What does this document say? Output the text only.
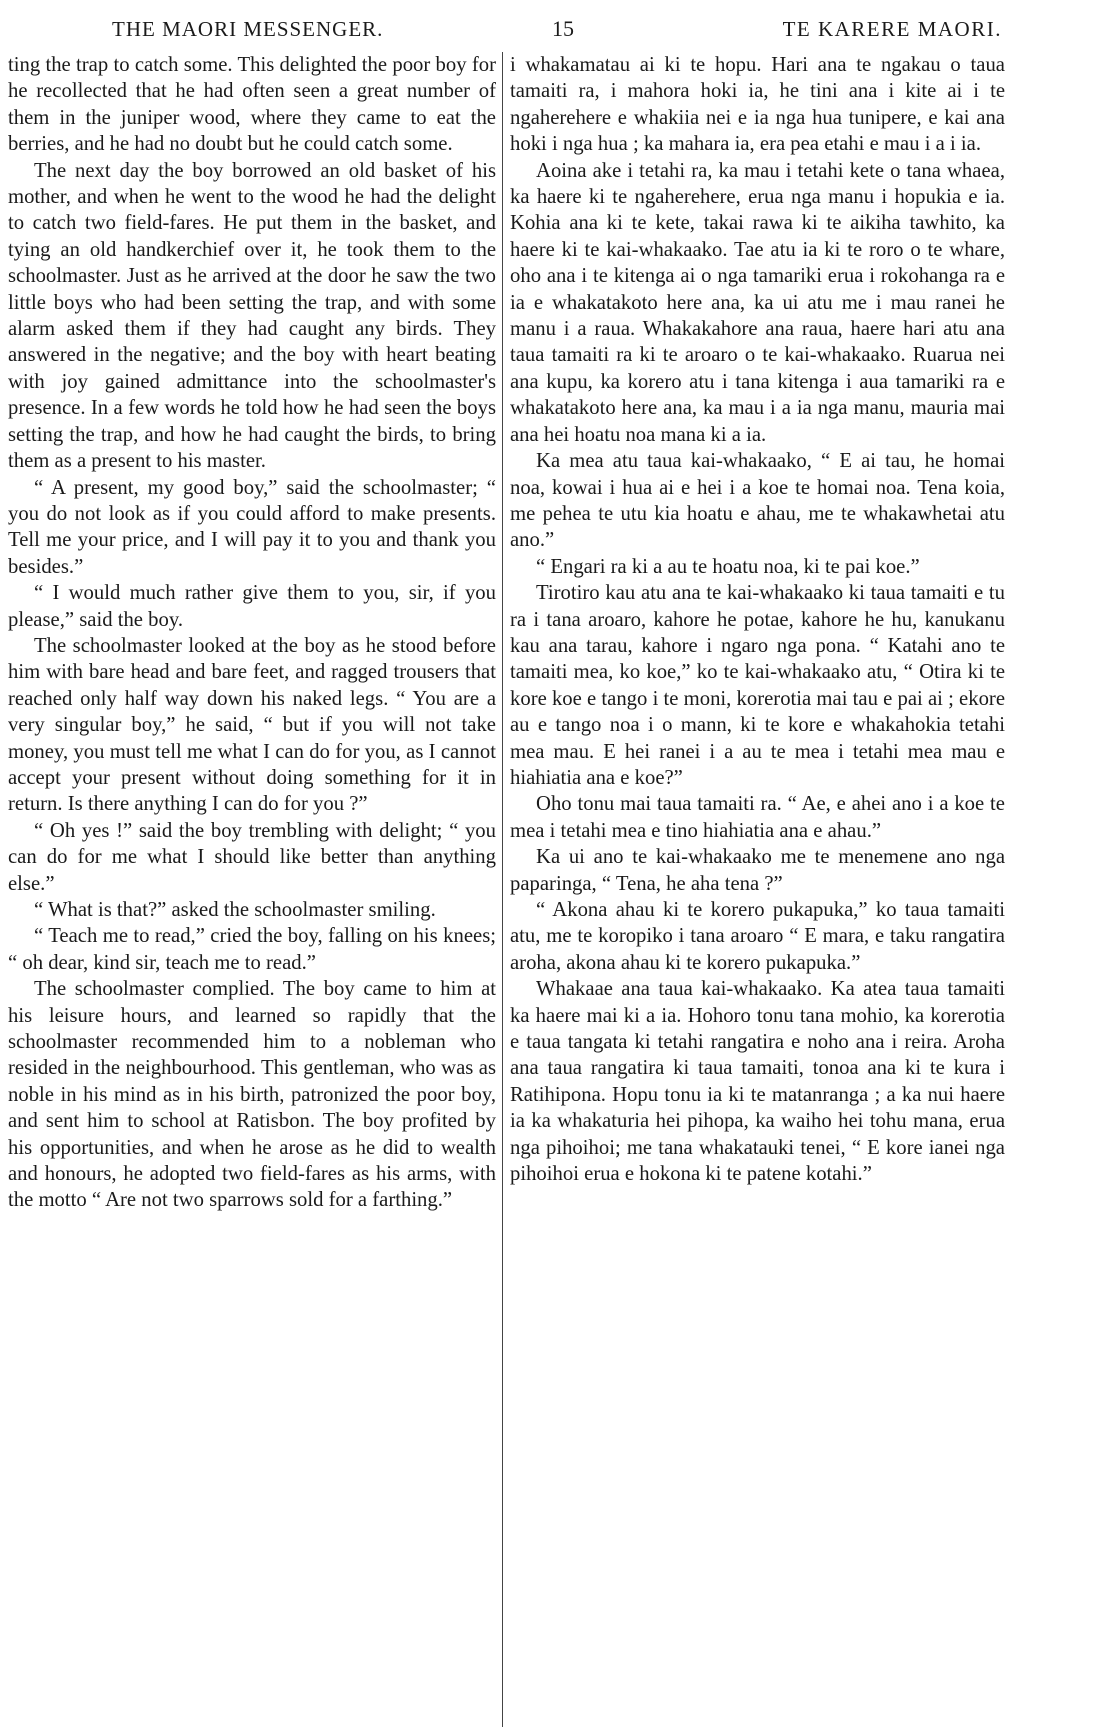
THE MAORI MESSENGER.	15	TE KARERE MAORI.

ting the trap to catch some. This delighted the poor boy for he recollected that he had often seen a great number of them in the juniper wood, where they came to eat the berries, and he had no doubt but he could catch some.

The next day the boy borrowed an old basket of his mother, and when he went to the wood he had the delight to catch two field-fares. He put them in the basket, and tying an old handkerchief over it, he took them to the schoolmaster. Just as he arrived at the door he saw the two little boys who had been setting the trap, and with some alarm asked them if they had caught any birds. They answered in the negative; and the boy with heart beating with joy gained admittance into the schoolmaster's presence. In a few words he told how he had seen the boys setting the trap, and how he had caught the birds, to bring them as a present to his master.

“ A present, my good boy,” said the schoolmaster; “ you do not look as if you could afford to make presents. Tell me your price, and I will pay it to you and thank you besides.”

“ I would much rather give them to you, sir, if you please,” said the boy.

The schoolmaster looked at the boy as he stood before him with bare head and bare feet, and ragged trousers that reached only half way down his naked legs. “ You are a very singular boy,” he said, “ but if you will not take money, you must tell me what I can do for you, as I cannot accept your present without doing something for it in return. Is there anything I can do for you ?”

“ Oh yes !” said the boy trembling with delight; “ you can do for me what I should like better than anything else.”

“ What is that?” asked the schoolmaster smiling.

“ Teach me to read,” cried the boy, falling on his knees; “ oh dear, kind sir, teach me to read.”

The schoolmaster complied. The boy came to him at his leisure hours, and learned so rapidly that the schoolmaster recommended him to a nobleman who resided in the neighbourhood. This gentleman, who was as noble in his mind as in his birth, patronized the poor boy, and sent him to school at Ratisbon. The boy profited by his opportunities, and when he arose as he did to wealth and honours, he adopted two field-fares as his arms, with the motto “ Are not two sparrows sold for a farthing.”

i whakamatau ai ki te hopu. Hari ana te ngakau o taua tamaiti ra, i mahora hoki ia, he tini ana i kite ai i te ngaherehere e whakiia nei e ia nga hua tunipere, e kai ana hoki i nga hua ; ka mahara ia, era pea etahi e mau i a i ia.

Aoina ake i tetahi ra, ka mau i tetahi kete o tana whaea, ka haere ki te ngaherehere, erua nga manu i hopukia e ia. Kohia ana ki te kete, takai rawa ki te aikiha tawhito, ka haere ki te kai-whakaako. Tae atu ia ki te roro o te whare, oho ana i te kitenga ai o nga tamariki erua i rokohanga ra e ia e whakatakoto here ana, ka ui atu me i mau ranei he manu i a raua. Whakakahore ana raua, haere hari atu ana taua tamaiti ra ki te aroaro o te kai-whakaako. Ruarua nei ana kupu, ka korero atu i tana kitenga i aua tamariki ra e whakatakoto here ana, ka mau i a ia nga manu, mauria mai ana hei hoatu noa mana ki a ia.

Ka mea atu taua kai-whakaako, “ E ai tau, he homai noa, kowai i hua ai e hei i a koe te homai noa. Tena koia, me pehea te utu kia hoatu e ahau, me te whakawhetai atu ano.”

“ Engari ra ki a au te hoatu noa, ki te pai koe.”

Tirotiro kau atu ana te kai-whakaako ki taua tamaiti e tu ra i tana aroaro, kahore he potae, kahore he hu, kanukanu kau ana tarau, kahore i ngaro nga pona. “ Katahi ano te tamaiti mea, ko koe,” ko te kai-whakaako atu, “ Otira ki te kore koe e tango i te moni, korerotia mai tau e pai ai ; ekore au e tango noa i o mann, ki te kore e whakahokia tetahi mea mau. E hei ranei i a au te mea i tetahi mea mau e hiahiatia ana e koe?”

Oho tonu mai taua tamaiti ra. “ Ae, e ahei ano i a koe te mea i tetahi mea e tino hiahiatia ana e ahau.”

Ka ui ano te kai-whakaako me te menemene ano nga paparinga, “ Tena, he aha tena ?”

“ Akona ahau ki te korero pukapuka,” ko taua tamaiti atu, me te koropiko i tana aroaro “ E mara, e taku rangatira aroha, akona ahau ki te korero pukapuka.”

Whakaae ana taua kai-whakaako. Ka atea taua tamaiti ka haere mai ki a ia. Hohoro tonu tana mohio, ka korerotia e taua tangata ki tetahi rangatira e noho ana i reira. Aroha ana taua rangatira ki taua tamaiti, tonoa ana ki te kura i Ratihipona. Hopu tonu ia ki te matanranga ; a ka nui haere ia ka whakaturia hei pihopa, ka waiho hei tohu mana, erua nga pihoihoi; me tana whakatauki tenei, “ E kore ianei nga pihoihoi erua e hokona ki te patene kotahi.”
